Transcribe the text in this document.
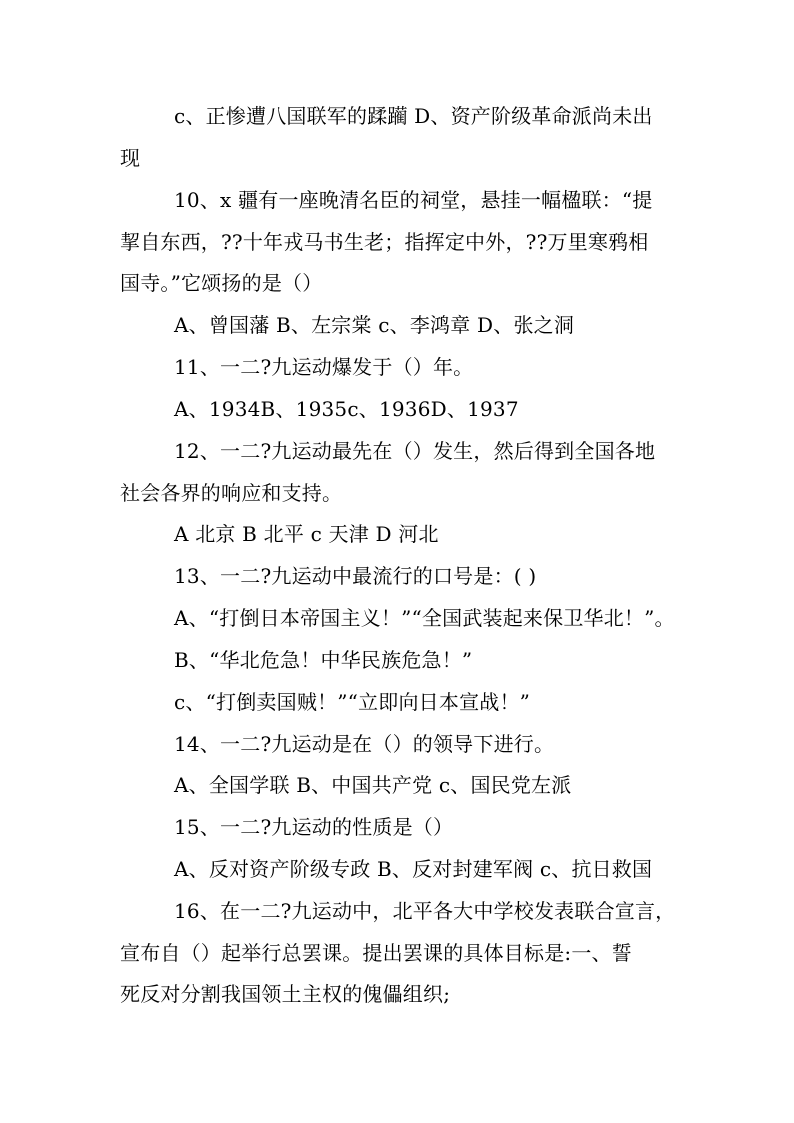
c、正惨遭八国联军的蹂躏 D、资产阶级革命派尚未出
现
10、x 疆有一座晚清名臣的祠堂，悬挂一幅楹联：“提
挈自东西，??十年戎马书生老；指挥定中外，??万里寒鸦相
国寺。”它颂扬的是（）
A、曾国藩 B、左宗棠 c、李鸿章 D、张之洞
11、一二?九运动爆发于（）年。
A、1934B、1935c、1936D、1937
12、一二?九运动最先在（）发生，然后得到全国各地
社会各界的响应和支持。
A 北京 B 北平 c 天津 D 河北
13、一二?九运动中最流行的口号是：( )
A、“打倒日本帝国主义！”“全国武装起来保卫华北！”。
B、“华北危急！中华民族危急！”
c、“打倒卖国贼！”“立即向日本宣战！”
14、一二?九运动是在（）的领导下进行。
A、全国学联 B、中国共产党 c、国民党左派
15、一二?九运动的性质是（）
A、反对资产阶级专政 B、反对封建军阀 c、抗日救国
16、在一二?九运动中，北平各大中学校发表联合宣言，
宣布自（）起举行总罢课。提出罢课的具体目标是:一、誓
死反对分割我国领土主权的傀儡组织;
